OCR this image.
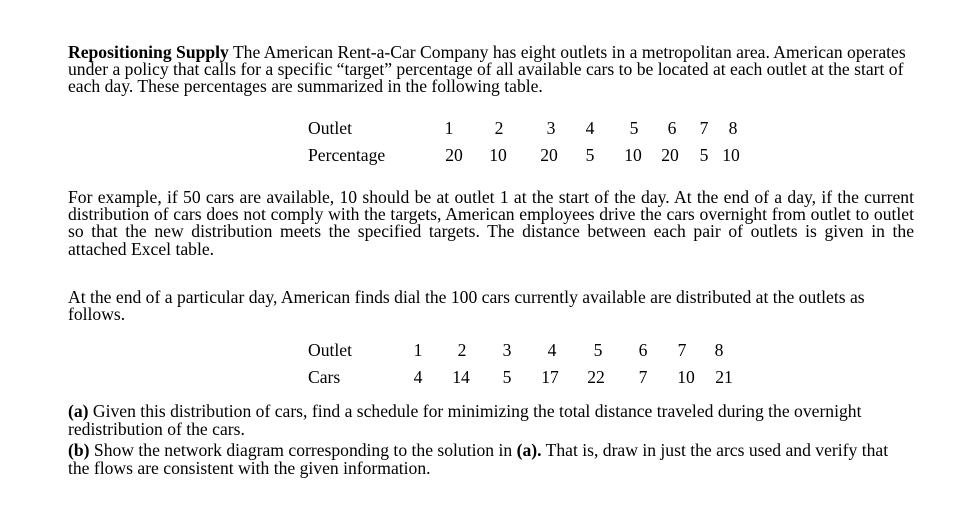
Repositioning Supply The American Rent-a-Car Company has eight outlets in a metropolitan area. American operates under a policy that calls for a specific “target” percentage of all available cars to be located at each outlet at the start of each day. These percentages are summarized in the following table.

Outlet
Percentage
1 2 3 4 5 6 7 8
20 10 20 5 10 20 5 10

For example, if 50 cars are available, 10 should be at outlet 1 at the start of the day. At the end of a day, if the current distribution of cars does not comply with the targets, American employees drive the cars overnight from outlet to outlet so that the new distribution meets the specified targets. The distance between each pair of outlets is given in the attached Excel table.

At the end of a particular day, American finds dial the 100 cars currently available are distributed at the outlets as follows.

Outlet
Cars
1 2 3 4 5 6 7 8
4 14 5 17 22 7 10 21

(a) Given this distribution of cars, find a schedule for minimizing the total distance traveled during the overnight redistribution of the cars.

(b) Show the network diagram corresponding to the solution in (a). That is, draw in just the arcs used and verify that the flows are consistent with the given information.
